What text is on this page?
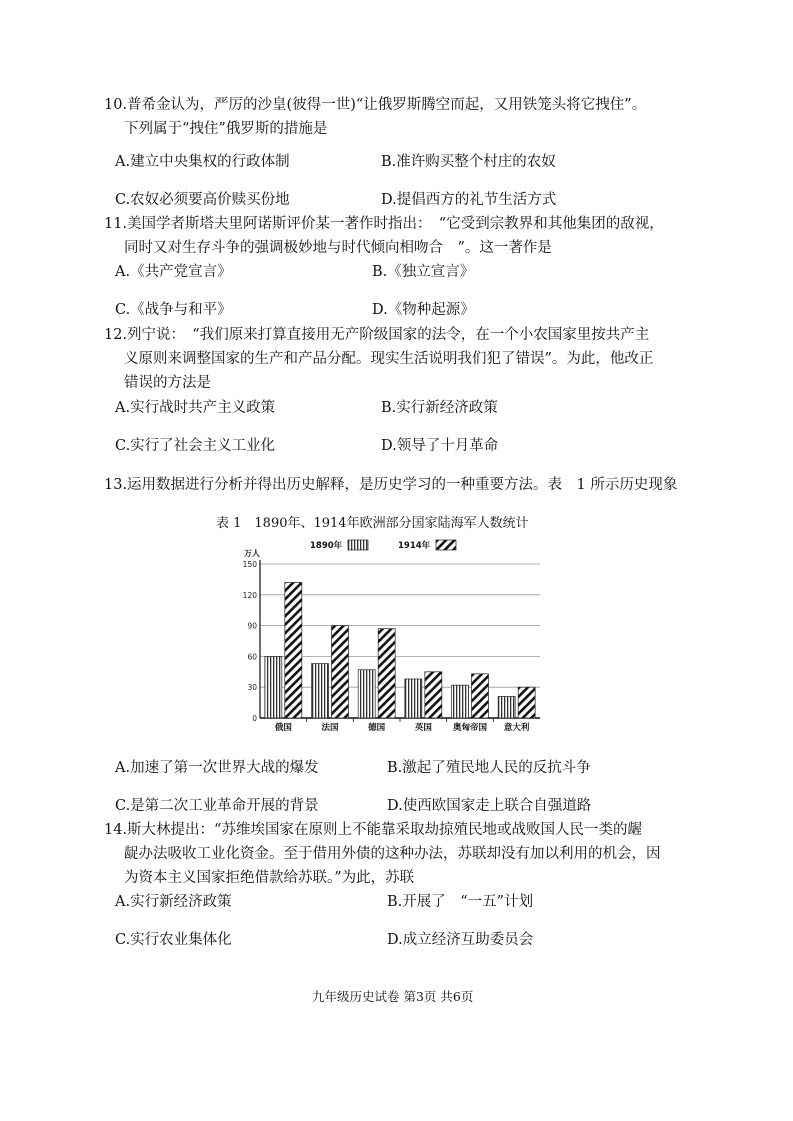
10.普希金认为，严厉的沙皇(彼得一世)“让俄罗斯腾空而起，又用铁笼头将它拽住”。
下列属于“拽住”俄罗斯的措施是
A.建立中央集权的行政体制	B.准许购买整个村庄的农奴
C.农奴必须要高价赎买份地	D.提倡西方的礼节生活方式
11.美国学者斯塔夫里阿诺斯评价某一著作时指出：　“它受到宗教界和其他集团的敌视，
同时又对生存斗争的强调极妙地与时代倾向相吻合　”。这一著作是
A.《共产党宣言》	B.《独立宣言》
C.《战争与和平》	D.《物种起源》
12.列宁说：　“我们原来打算直接用无产阶级国家的法令，在一个小农国家里按共产主
义原则来调整国家的生产和产品分配。现实生活说明我们犯了错误”。为此，他改正
错误的方法是
A.实行战时共产主义政策	B.实行新经济政策
C.实行了社会主义工业化	D.领导了十月革命
13.运用数据进行分析并得出历史解释，是历史学习的一种重要方法。表　1 所示历史现象
表 1　1890年、1914年欧洲部分国家陆海军人数统计
0
30
60
90
120
150
万人
俄国	法国	德国	英国 奥匈帝国 意大利
1890年	1914年
A.加速了第一次世界大战的爆发	B.激起了殖民地人民的反抗斗争
C.是第二次工业革命开展的背景	D.使西欧国家走上联合自强道路
14.斯大林提出：“苏维埃国家在原则上不能靠采取劫掠殖民地或战败国人民一类的龌
龊办法吸收工业化资金。至于借用外债的这种办法，苏联却没有加以利用的机会，因
为资本主义国家拒绝借款给苏联。”为此，苏联
A.实行新经济政策	B.开展了　“一五”计划
C.实行农业集体化	D.成立经济互助委员会
九年级历史试卷 第3页 共6页
